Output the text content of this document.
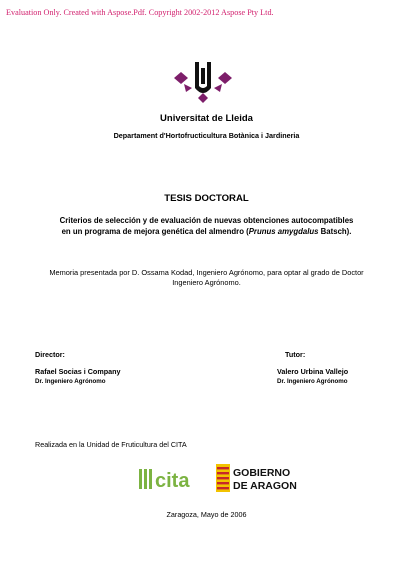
Evaluation Only. Created with Aspose.Pdf. Copyright 2002-2012 Aspose Pty Ltd.
Universitat de Lleida
Departament d'Hortofructicultura Botànica i Jardineria
TESIS DOCTORAL
Criterios de selección y de evaluación de nuevas obtenciones autocompatibles
en un programa de mejora genética del almendro (Prunus amygdalus Batsch).
Memoria presentada por D. Ossama Kodad, Ingeniero Agrónomo, para optar al grado de Doctor
Ingeniero Agrónomo.
Director:
Rafael Socias i Company
Dr. Ingeniero Agrónomo
Tutor:
Valero Urbina Vallejo
Dr. Ingeniero Agrónomo
Realizada en la Unidad de Fruticultura del CITA
cita	GOBIERNO
DE ARAGON
Zaragoza, Mayo de 2006
